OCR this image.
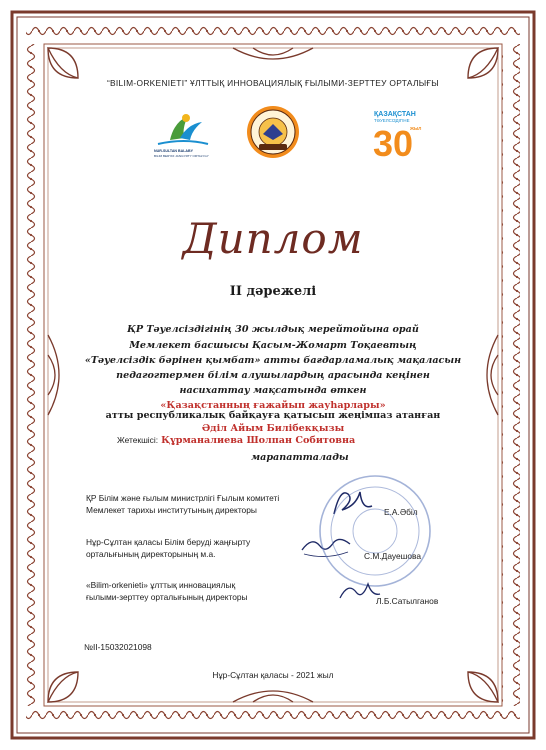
“BILIM-ORKENIETI” ҰЛТТЫҚ ИННОВАЦИЯЛЫҚ ҒЫЛЫМИ-ЗЕРТТЕУ ОРТАЛЫҒЫ
NUR-SULTAN BALABY
BILIM BERYDI JANGYRTY ORTALYGY
ҚАЗАҚСТАН
ТӘУЕЛСІЗДІГІНЕ
30
ЖЫЛ
Диплом
II дәрежелі
ҚР Тәуелсіздігінің 30 жылдық мерейтойына орай
Мемлекет басшысы Қасым-Жомарт Тоқаевтың
«Тәуелсіздік бәрінен қымбат» атты бағдарламалық мақаласын
педагогтермен білім алушылардың арасында кеңінен
насихаттау мақсатында өткен
«Қазақстанның ғажайып жауһарлары»
атты республикалық байқауға қатысып жеңімпаз атанған
Әділ Айым Билібекқызы
Жетекшісі: Құрманалиева Шолпан Собитовна
марапатталады
ҚР Білім және ғылым министрлігі Ғылым комитеті
Мемлекет тарихы институтының директоры	Е.А.Әбіл
Нұр-Сұлтан қаласы Білім беруді жаңғырту
орталығының директорының м.а.	С.М.Дауешова
«Bilim-orkenieti» ұлттық инновациялық
ғылыми-зерттеу орталығының директоры	Л.Б.Сатылганов
№II-15032021098
Нұр-Сұлтан қаласы - 2021 жыл
